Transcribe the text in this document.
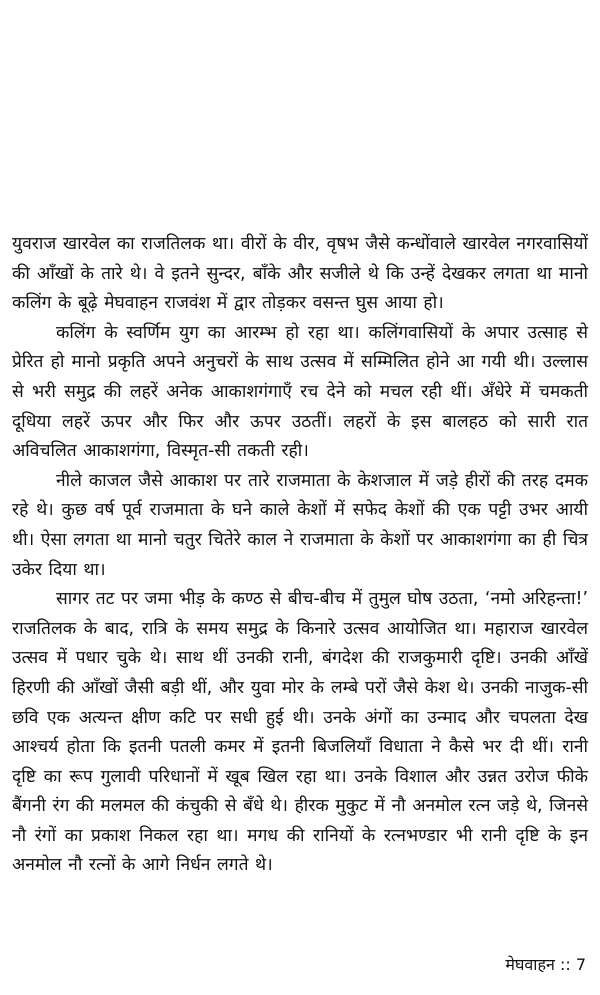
युवराज खारवेल का राजतिलक था। वीरों के वीर, वृषभ जैसे कन्धोंवाले खारवेल नगरवासियों की आँखों के तारे थे। वे इतने सुन्दर, बाँके और सजीले थे कि उन्हें देखकर लगता था मानो कलिंग के बूढ़े मेघवाहन राजवंश में द्वार तोड़कर वसन्त घुस आया हो।

कलिंग के स्वर्णिम युग का आरम्भ हो रहा था। कलिंगवासियों के अपार उत्साह से प्रेरित हो मानो प्रकृति अपने अनुचरों के साथ उत्सव में सम्मिलित होने आ गयी थी। उल्लास से भरी समुद्र की लहरें अनेक आकाशगंगाएँ रच देने को मचल रही थीं। अँधेरे में चमकती दूधिया लहरें ऊपर और फिर और ऊपर उठतीं। लहरों के इस बालहठ को सारी रात अविचलित आकाशगंगा, विस्मृत-सी तकती रही।

नीले काजल जैसे आकाश पर तारे राजमाता के केशजाल में जड़े हीरों की तरह दमक रहे थे। कुछ वर्ष पूर्व राजमाता के घने काले केशों में सफेद केशों की एक पट्टी उभर आयी थी। ऐसा लगता था मानो चतुर चितेरे काल ने राजमाता के केशों पर आकाशगंगा का ही चित्र उकेर दिया था।

सागर तट पर जमा भीड़ के कण्ठ से बीच-बीच में तुमुल घोष उठता, ‘नमो अरिहन्ता!’ राजतिलक के बाद, रात्रि के समय समुद्र के किनारे उत्सव आयोजित था। महाराज खारवेल उत्सव में पधार चुके थे। साथ थीं उनकी रानी, बंगदेश की राजकुमारी दृष्टि। उनकी आँखें हिरणी की आँखों जैसी बड़ी थीं, और युवा मोर के लम्बे परों जैसे केश थे। उनकी नाजुक-सी छवि एक अत्यन्त क्षीण कटि पर सधी हुई थी। उनके अंगों का उन्माद और चपलता देख आश्चर्य होता कि इतनी पतली कमर में इतनी बिजलियाँ विधाता ने कैसे भर दी थीं। रानी दृष्टि का रूप गुलावी परिधानों में खूब खिल रहा था। उनके विशाल और उन्नत उरोज फीके बैंगनी रंग की मलमल की कंचुकी से बँधे थे। हीरक मुकुट में नौ अनमोल रत्न जड़े थे, जिनसे नौ रंगों का प्रकाश निकल रहा था। मगध की रानियों के रत्नभण्डार भी रानी दृष्टि के इन अनमोल नौ रत्नों के आगे निर्धन लगते थे।

मेघवाहन :: 7
